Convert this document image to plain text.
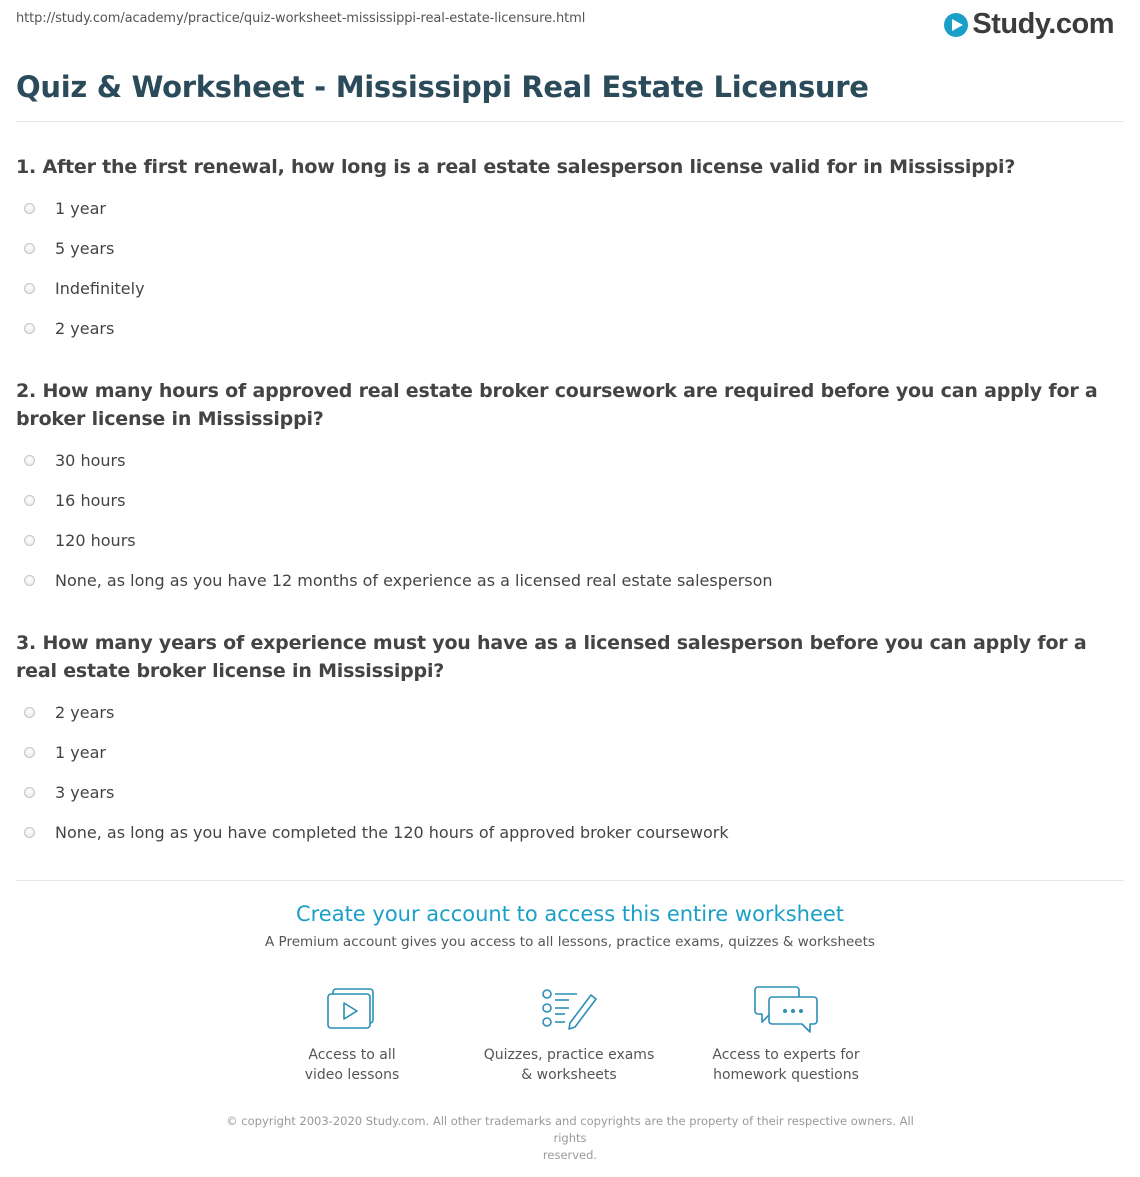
http://study.com/academy/practice/quiz-worksheet-mississippi-real-estate-licensure.html	Study.com
Quiz & Worksheet - Mississippi Real Estate Licensure
1. After the first renewal, how long is a real estate salesperson license valid for in Mississippi?
1 year
5 years
Indefinitely
2 years
2. How many hours of approved real estate broker coursework are required before you can apply for a broker license in Mississippi?
30 hours
16 hours
120 hours
None, as long as you have 12 months of experience as a licensed real estate salesperson
3. How many years of experience must you have as a licensed salesperson before you can apply for a real estate broker license in Mississippi?
2 years
1 year
3 years
None, as long as you have completed the 120 hours of approved broker coursework
Create your account to access this entire worksheet
A Premium account gives you access to all lessons, practice exams, quizzes & worksheets
Access to all
video lessons
Quizzes, practice exams
& worksheets
Access to experts for
homework questions
© copyright 2003-2020 Study.com. All other trademarks and copyrights are the property of their respective owners. All rights
reserved.
